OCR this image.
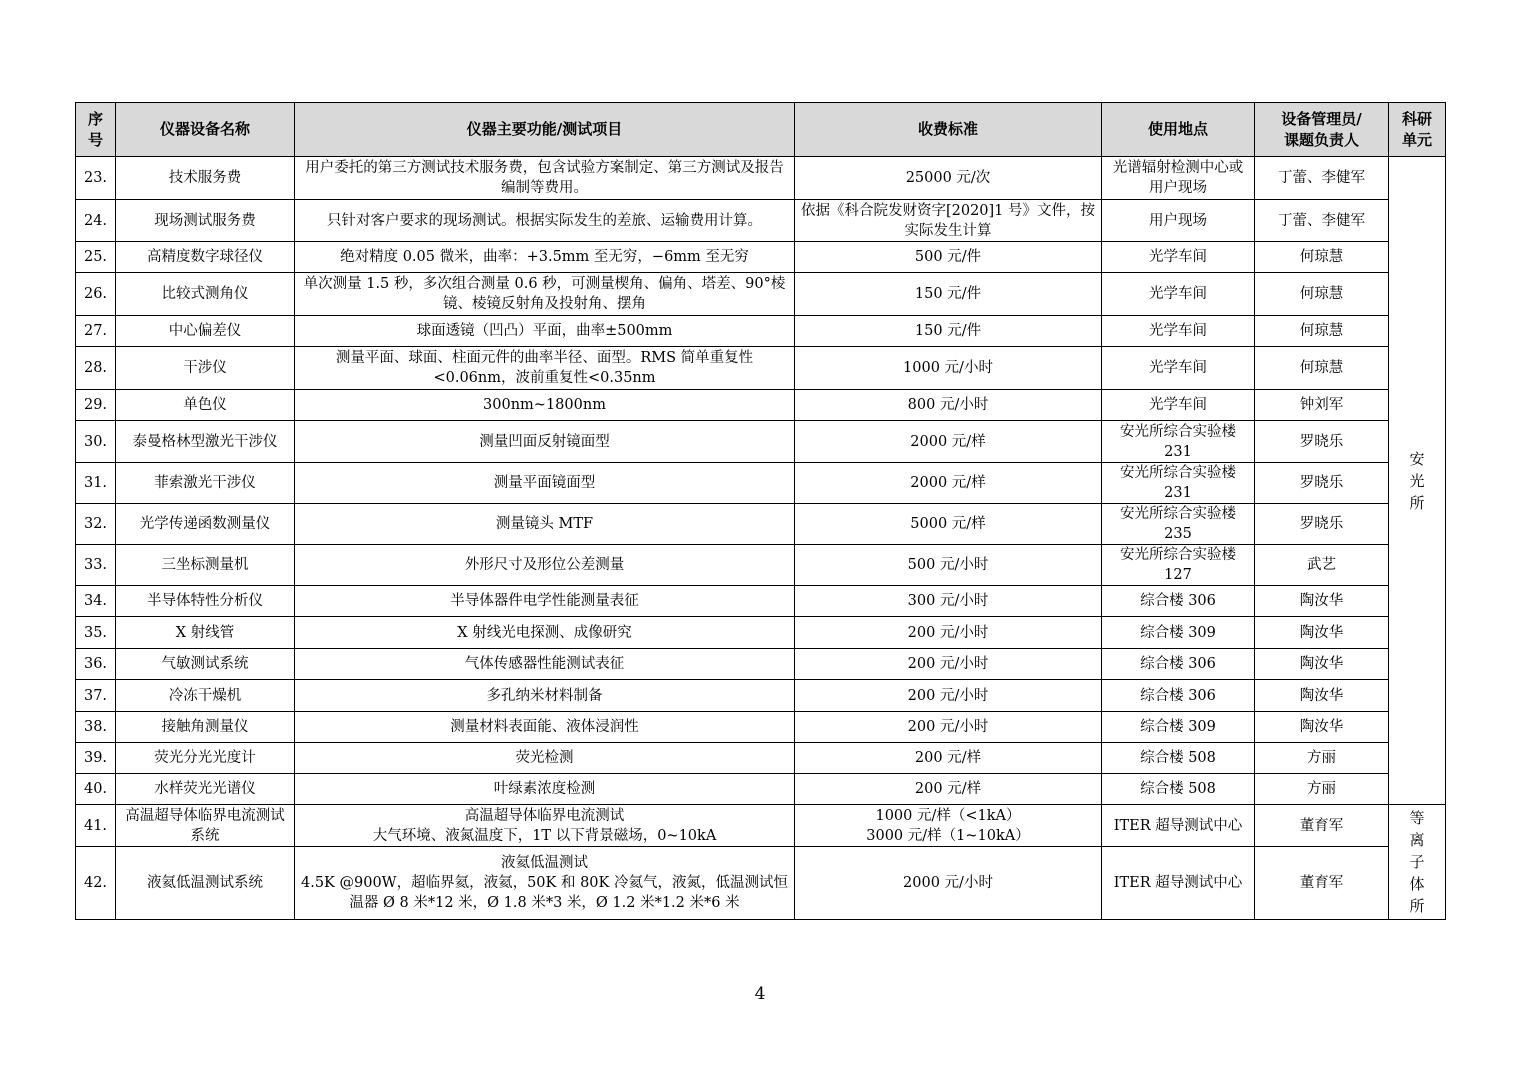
序
号	仪器设备名称	仪器主要功能/测试项目	收费标准	使用地点	设备管理员/
课题负责人	科研
单元
23.	技术服务费	用户委托的第三方测试技术服务费，包含试验方案制定、第三方测试及报告编制等费用。	25000 元/次	光谱辐射检测中心或用户现场	丁蕾、李健军	安光所
24.	现场测试服务费	只针对客户要求的现场测试。根据实际发生的差旅、运输费用计算。	依据《科合院发财资字[2020]1 号》文件，按实际发生计算	用户现场	丁蕾、李健军	
25.	高精度数字球径仪	绝对精度 0.05 微米，曲率：+3.5mm 至无穷，−6mm 至无穷	500 元/件	光学车间	何琼慧	
26.	比较式测角仪	单次测量 1.5 秒，多次组合测量 0.6 秒，可测量楔角、偏角、塔差、90°棱镜、棱镜反射角及投射角、摆角	150 元/件	光学车间	何琼慧	
27.	中心偏差仪	球面透镜（凹凸）平面，曲率±500mm	150 元/件	光学车间	何琼慧	
28.	干涉仪	测量平面、球面、柱面元件的曲率半径、面型。RMS 简单重复性<0.06nm，波前重复性<0.35nm	1000 元/小时	光学车间	何琼慧	
29.	单色仪	300nm~1800nm	800 元/小时	光学车间	钟刘军	
30.	泰曼格林型激光干涉仪	测量凹面反射镜面型	2000 元/样	安光所综合实验楼 231	罗晓乐	
31.	菲索激光干涉仪	测量平面镜面型	2000 元/样	安光所综合实验楼 231	罗晓乐	
32.	光学传递函数测量仪	测量镜头 MTF	5000 元/样	安光所综合实验楼 235	罗晓乐	
33.	三坐标测量机	外形尺寸及形位公差测量	500 元/小时	安光所综合实验楼 127	武艺	
34.	半导体特性分析仪	半导体器件电学性能测量表征	300 元/小时	综合楼 306	陶汝华	
35.	X 射线管	X 射线光电探测、成像研究	200 元/小时	综合楼 309	陶汝华	
36.	气敏测试系统	气体传感器性能测试表征	200 元/小时	综合楼 306	陶汝华	
37.	冷冻干燥机	多孔纳米材料制备	200 元/小时	综合楼 306	陶汝华	
38.	接触角测量仪	测量材料表面能、液体浸润性	200 元/小时	综合楼 309	陶汝华	
39.	荧光分光光度计	荧光检测	200 元/样	综合楼 508	方丽	
40.	水样荧光光谱仪	叶绿素浓度检测	200 元/样	综合楼 508	方丽	
41.	高温超导体临界电流测试系统	高温超导体临界电流测试
大气环境、液氮温度下，1T 以下背景磁场，0~10kA	1000 元/样（<1kA）
3000 元/样（1~10kA）	ITER 超导测试中心	董育军	等离子体所
42.	液氦低温测试系统	液氦低温测试
4.5K @900W，超临界氦，液氦，50K 和 80K 冷氦气，液氮，低温测试恒温器 Ø 8 米*12 米，Ø 1.8 米*3 米，Ø 1.2 米*1.2 米*6 米	2000 元/小时	ITER 超导测试中心	董育军	
4
